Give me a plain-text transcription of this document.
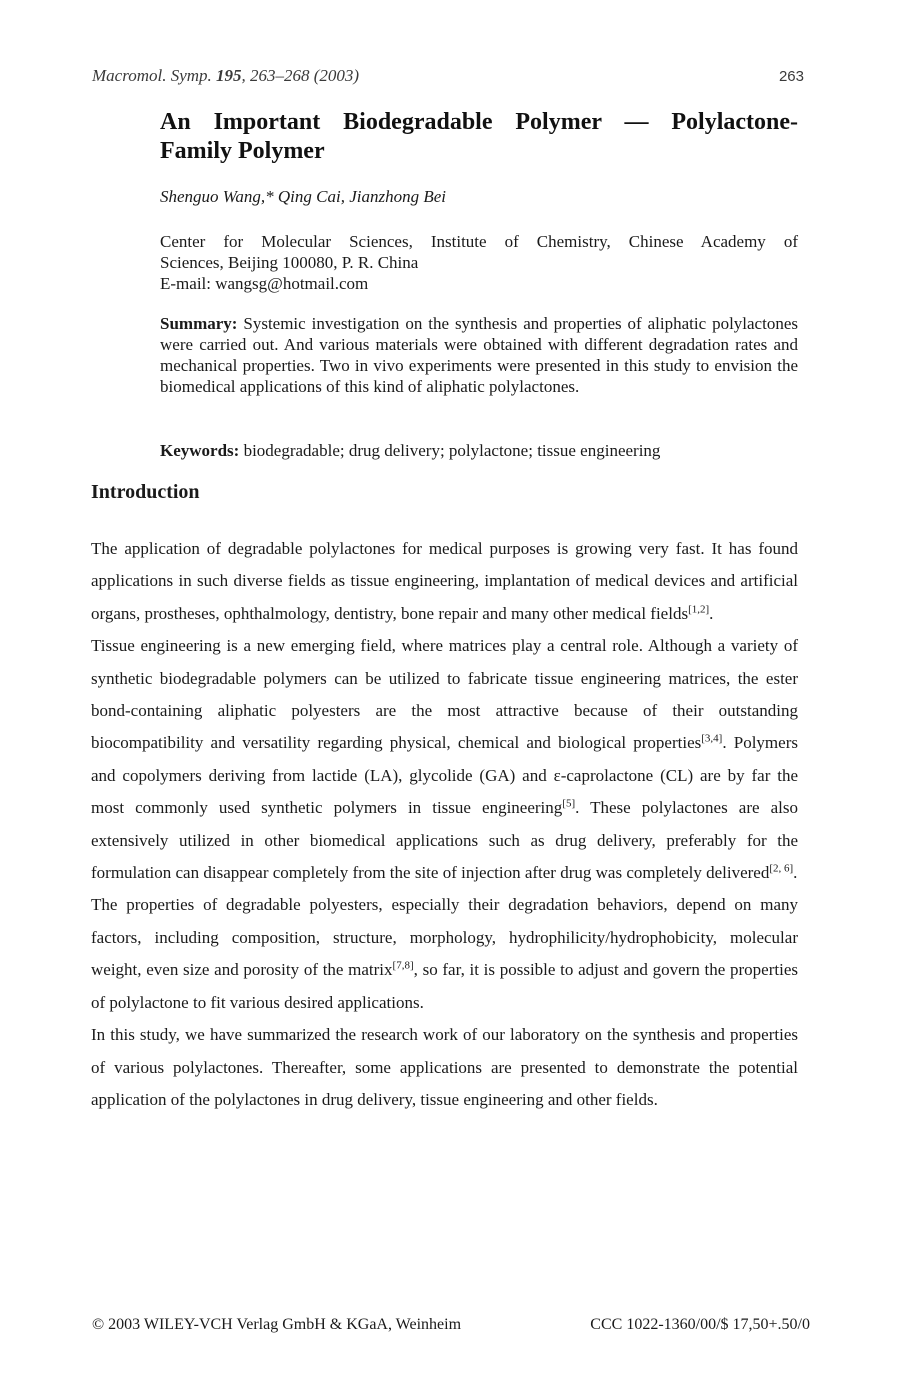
Macromol. Symp. 195, 263–268 (2003)	263
An Important Biodegradable Polymer — Polylactone-
Family Polymer
Shenguo Wang,* Qing Cai, Jianzhong Bei
Center for Molecular Sciences, Institute of Chemistry, Chinese Academy of
Sciences, Beijing 100080, P. R. China
E-mail: wangsg@hotmail.com

Summary: Systemic investigation on the synthesis and properties of aliphatic polylactones were carried out. And various materials were obtained with different degradation rates and mechanical properties. Two in vivo experiments were presented in this study to envision the biomedical applications of this kind of aliphatic polylactones.

Keywords: biodegradable; drug delivery; polylactone; tissue engineering
Introduction

The application of degradable polylactones for medical purposes is growing very fast. It has found applications in such diverse fields as tissue engineering, implantation of medical devices and artificial organs, prostheses, ophthalmology, dentistry, bone repair and many other medical fields[1,2].

Tissue engineering is a new emerging field, where matrices play a central role. Although a variety of synthetic biodegradable polymers can be utilized to fabricate tissue engineering matrices, the ester bond-containing aliphatic polyesters are the most attractive because of their outstanding biocompatibility and versatility regarding physical, chemical and biological properties[3,4]. Polymers and copolymers deriving from lactide (LA), glycolide (GA) and ε-caprolactone (CL) are by far the most commonly used synthetic polymers in tissue engineering[5]. These polylactones are also extensively utilized in other biomedical applications such as drug delivery, preferably for the formulation can disappear completely from the site of injection after drug was completely delivered[2, 6].

The properties of degradable polyesters, especially their degradation behaviors, depend on many factors, including composition, structure, morphology, hydrophilicity/hydrophobicity, molecular weight, even size and porosity of the matrix[7,8], so far, it is possible to adjust and govern the properties of polylactone to fit various desired applications.

In this study, we have summarized the research work of our laboratory on the synthesis and properties of various polylactones. Thereafter, some applications are presented to demonstrate the potential application of the polylactones in drug delivery, tissue engineering and other fields.

© 2003 WILEY-VCH Verlag GmbH & KGaA, Weinheim	CCC 1022-1360/00/$ 17,50+.50/0
